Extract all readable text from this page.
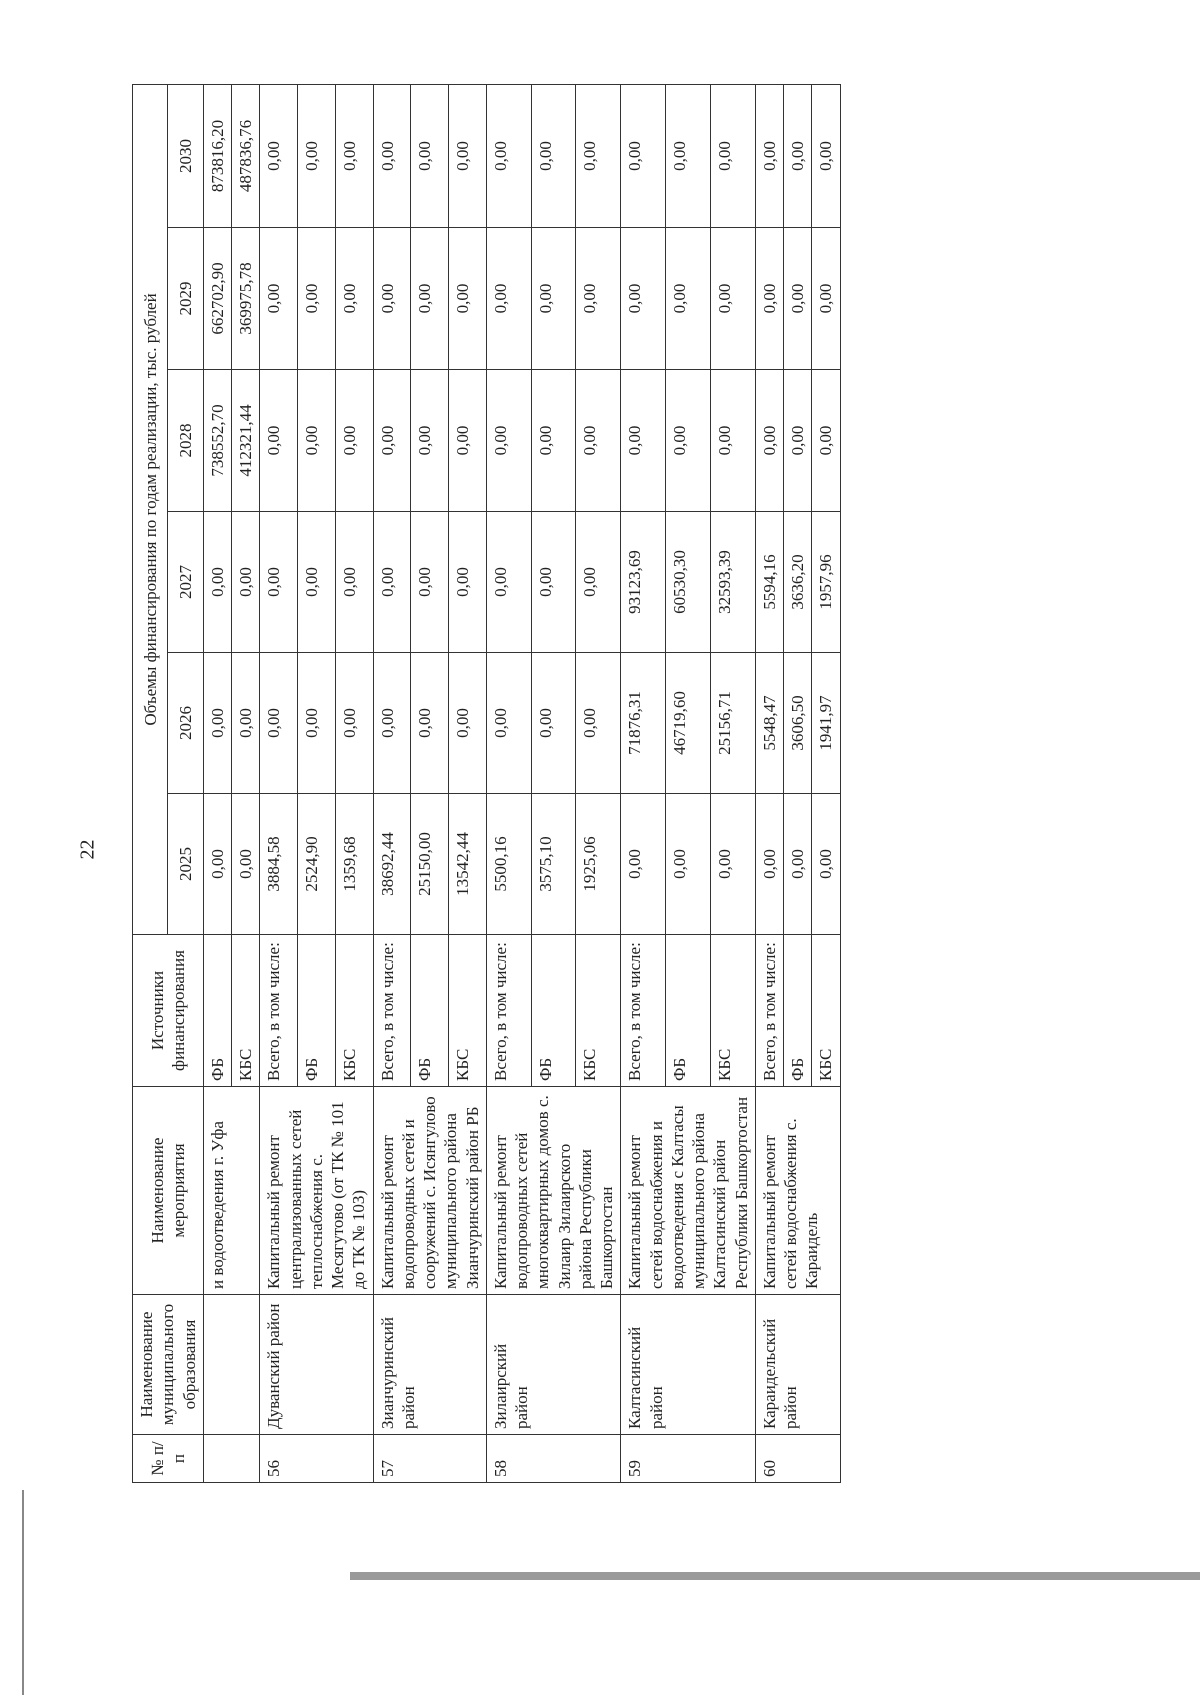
22
№ п/п	Наименование муниципального образования	Наименование мероприятия	Источники финансирования	Объемы финансирования по годам реализации, тыс. рублей					
				2025	2026	2027	2028	2029	2030
		и водоотведения г. Уфа	ФБ	0,00	0,00	0,00	738552,70	662702,90	873816,20
			КБС	0,00	0,00	0,00	412321,44	369975,78	487836,76
56	Дуванский район	Капитальный ремонт централизованных сетей теплоснабжения с. Месягутово (от ТК № 101 до ТК № 103)	Всего, в том числе:	3884,58	0,00	0,00	0,00	0,00	0,00
			ФБ	2524,90	0,00	0,00	0,00	0,00	0,00
			КБС	1359,68	0,00	0,00	0,00	0,00	0,00
57	Зианчуринский район	Капитальный ремонт водопроводных сетей и сооружений с. Исянгулово муниципального района Зианчуринский район РБ	Всего, в том числе:	38692,44	0,00	0,00	0,00	0,00	0,00
			ФБ	25150,00	0,00	0,00	0,00	0,00	0,00
			КБС	13542,44	0,00	0,00	0,00	0,00	0,00
58	Зилаирский район	Капитальный ремонт водопроводных сетей многоквартирных домов с. Зилаир Зилаирского района Республики Башкортостан	Всего, в том числе:	5500,16	0,00	0,00	0,00	0,00	0,00
			ФБ	3575,10	0,00	0,00	0,00	0,00	0,00
			КБС	1925,06	0,00	0,00	0,00	0,00	0,00
59	Калтасинский район	Капитальный ремонт сетей водоснабжения и водоотведения с Калтасы муниципального района Калтасинский район Республики Башкортостан	Всего, в том числе:	0,00	71876,31	93123,69	0,00	0,00	0,00
			ФБ	0,00	46719,60	60530,30	0,00	0,00	0,00
			КБС	0,00	25156,71	32593,39	0,00	0,00	0,00
60	Караидельский район	Капитальный ремонт сетей водоснабжения с. Караидель	Всего, в том числе:	0,00	5548,47	5594,16	0,00	0,00	0,00
			ФБ	0,00	3606,50	3636,20	0,00	0,00	0,00
			КБС	0,00	1941,97	1957,96	0,00	0,00	0,00
